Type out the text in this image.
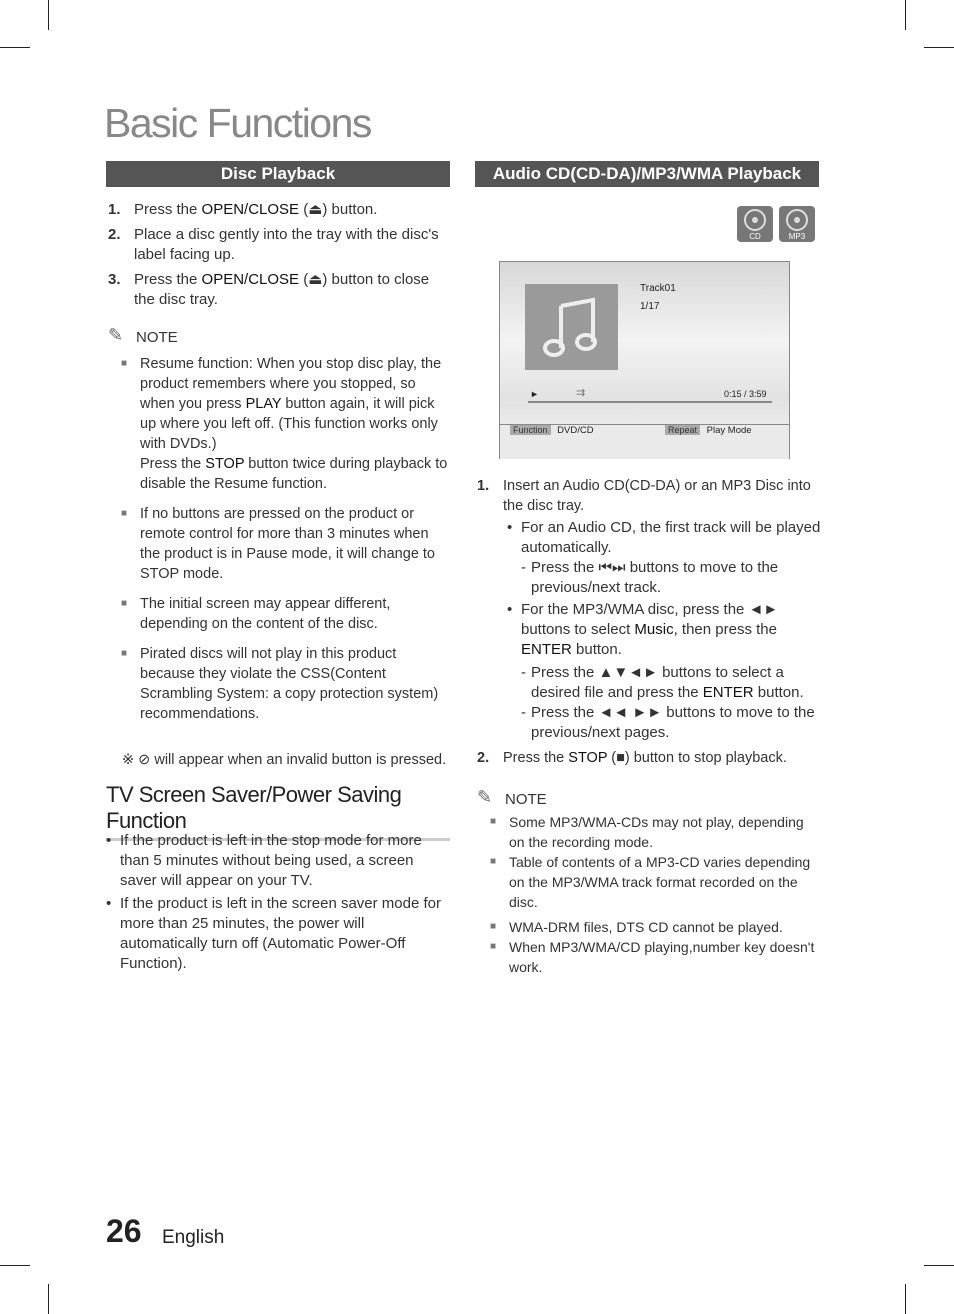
Basic Functions
Disc Playback
1. Press the OPEN/CLOSE (⏏) button.
2. Place a disc gently into the tray with the disc's label facing up.
3. Press the OPEN/CLOSE (⏏) button to close the disc tray.
✎ NOTE
■ Resume function: When you stop disc play, the product remembers where you stopped, so when you press PLAY button again, it will pick up where you left off. (This function works only with DVDs.)
Press the STOP button twice during playback to disable the Resume function.
■ If no buttons are pressed on the product or remote control for more than 3 minutes when the product is in Pause mode, it will change to STOP mode.
■ The initial screen may appear different, depending on the content of the disc.
■ Pirated discs will not play in this product because they violate the CSS(Content Scrambling System: a copy protection system) recommendations.
※ ⊘ will appear when an invalid button is pressed.
TV Screen Saver/Power Saving Function
• If the product is left in the stop mode for more than 5 minutes without being used, a screen saver will appear on your TV.
• If the product is left in the screen saver mode for more than 25 minutes, the power will automatically turn off (Automatic Power-Off Function).
Audio CD(CD-DA)/MP3/WMA Playback
CD	MP3
Track01
1/17
►	⇉	0:15 / 3:59
Function DVD/CD	Repeat Play Mode
1. Insert an Audio CD(CD-DA) or an MP3 Disc into the disc tray.
• For an Audio CD, the first track will be played automatically.
- Press the ⏮⏭ buttons to move to the previous/next track.
• For the MP3/WMA disc, press the ◄► buttons to select Music, then press the ENTER button.
- Press the ▲▼◄► buttons to select a desired file and press the ENTER button.
- Press the ◄◄ ►► buttons to move to the previous/next pages.
2. Press the STOP (■) button to stop playback.
✎ NOTE
■ Some MP3/WMA-CDs may not play, depending on the recording mode.
■ Table of contents of a MP3-CD varies depending on the MP3/WMA track format recorded on the disc.
■ WMA-DRM files, DTS CD cannot be played.
■ When MP3/WMA/CD playing,number key doesn't work.
26 English
